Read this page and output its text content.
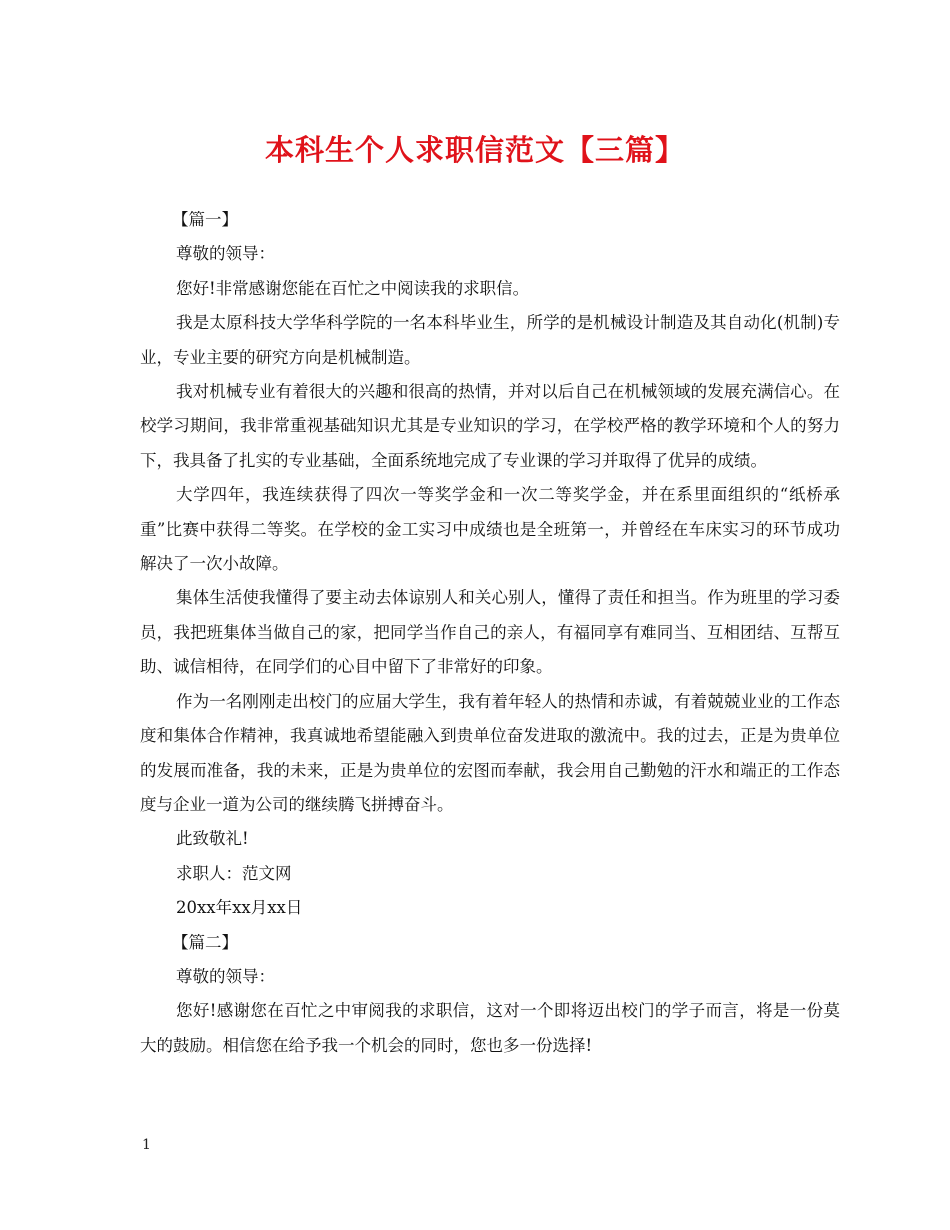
本科生个人求职信范文【三篇】

【篇一】

尊敬的领导：

您好!非常感谢您能在百忙之中阅读我的求职信。

我是太原科技大学华科学院的一名本科毕业生，所学的是机械设计制造及其自动化(机制)专业，专业主要的研究方向是机械制造。

我对机械专业有着很大的兴趣和很高的热情，并对以后自己在机械领域的发展充满信心。在校学习期间，我非常重视基础知识尤其是专业知识的学习，在学校严格的教学环境和个人的努力下，我具备了扎实的专业基础，全面系统地完成了专业课的学习并取得了优异的成绩。

大学四年，我连续获得了四次一等奖学金和一次二等奖学金，并在系里面组织的“纸桥承重”比赛中获得二等奖。在学校的金工实习中成绩也是全班第一，并曾经在车床实习的环节成功解决了一次小故障。

集体生活使我懂得了要主动去体谅别人和关心别人，懂得了责任和担当。作为班里的学习委员，我把班集体当做自己的家，把同学当作自己的亲人，有福同享有难同当、互相团结、互帮互助、诚信相待，在同学们的心目中留下了非常好的印象。

作为一名刚刚走出校门的应届大学生，我有着年轻人的热情和赤诚，有着兢兢业业的工作态度和集体合作精神，我真诚地希望能融入到贵单位奋发进取的激流中。我的过去，正是为贵单位的发展而准备，我的未来，正是为贵单位的宏图而奉献，我会用自己勤勉的汗水和端正的工作态度与企业一道为公司的继续腾飞拼搏奋斗。

此致敬礼!

求职人：范文网

20xx年xx月xx日

【篇二】

尊敬的领导：

您好!感谢您在百忙之中审阅我的求职信，这对一个即将迈出校门的学子而言，将是一份莫大的鼓励。相信您在给予我一个机会的同时，您也多一份选择!

1
